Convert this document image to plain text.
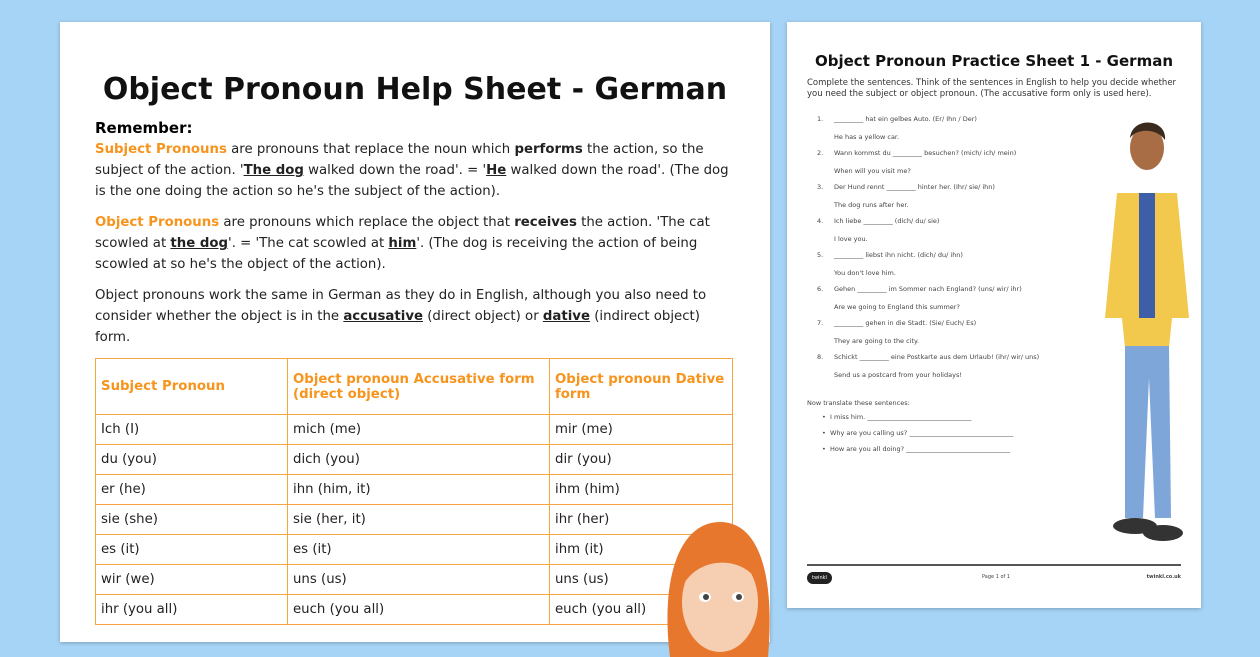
Object Pronoun Help Sheet - German
Remember:

Subject Pronouns are pronouns that replace the noun which performs the action, so the subject of the action. 'The dog walked down the road'. = 'He walked down the road'. (The dog is the one doing the action so he's the subject of the action).

Object Pronouns are pronouns which replace the object that receives the action. 'The cat scowled at the dog'. = 'The cat scowled at him'. (The dog is receiving the action of being scowled at so he's the object of the action).

Object pronouns work the same in German as they do in English, although you also need to consider whether the object is in the accusative (direct object) or dative (indirect object) form.

Subject Pronoun	Object pronoun Accusative form (direct object)	Object pronoun Dative form
Ich (I)	mich (me)	mir (me)
du (you)	dich (you)	dir (you)
er (he)	ihn (him, it)	ihm (him)
sie (she)	sie (her, it)	ihr (her)
es (it)	es (it)	ihm (it)
wir (we)	uns (us)	uns (us)
ihr (you all)	euch (you all)	euch (you all)
Object Pronoun Practice Sheet 1 - German

Complete the sentences. Think of the sentences in English to help you decide whether you need the subject or object pronoun. (The accusative form only is used here).

1. _________ hat ein gelbes Auto. (Er/ Ihn / Der)
He has a yellow car.
2. Wann kommst du _________ besuchen? (mich/ ich/ mein)
When will you visit me?
3. Der Hund rennt _________ hinter her. (Ihr/ sie/ ihn)
The dog runs after her.
4. Ich liebe _________ (dich/ du/ sie)
I love you.
5. _________ liebst ihn nicht. (dich/ du/ ihn)
You don't love him.
6. Gehen _________ im Sommer nach England? (uns/ wir/ ihr)
Are we going to England this summer?
7. _________ gehen in die Stadt. (Sie/ Euch/ Es)
They are going to the city.
8. Schickt _________ eine Postkarte aus dem Urlaub! (ihr/ wir/ uns)
Send us a postcard from your holidays!
Now translate these sentences:
•  I miss him. ________________________________
•  Why are you calling us? ________________________________
•  How are you all doing? ________________________________
twinkl	Page 1 of 1	twinkl.co.uk
